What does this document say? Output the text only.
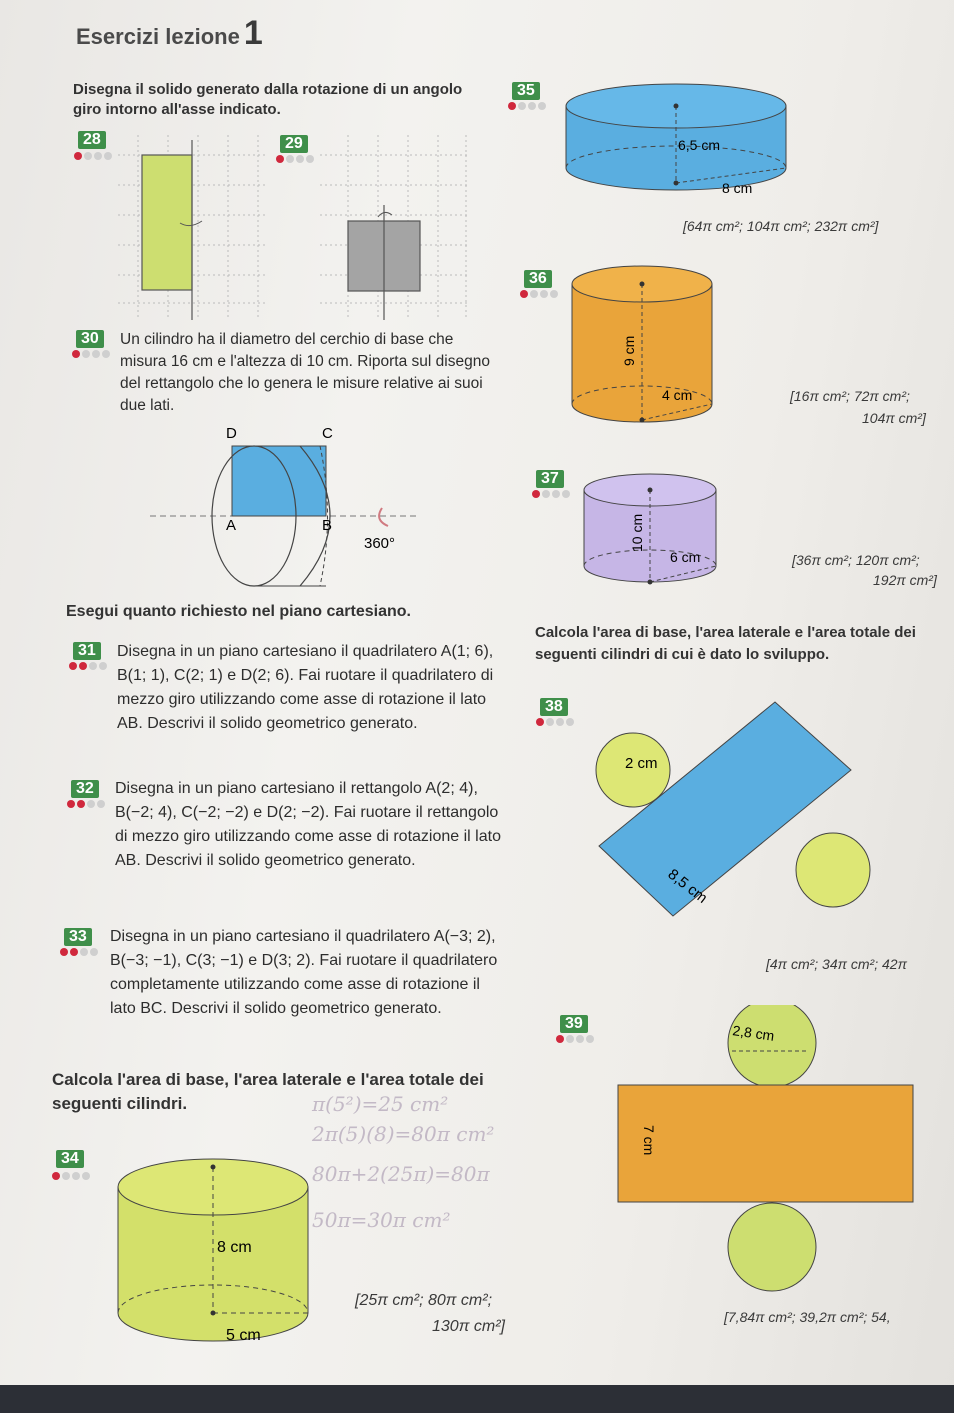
Esercizi lezione 1
Disegna il solido generato dalla rotazione di un angolo giro intorno all'asse indicato.
28	29
30	Un cilindro ha il diametro del cerchio di base che misura 16 cm e l'altezza di 10 cm. Riporta sul disegno del rettangolo che lo genera le misure relative ai suoi due lati.
D	C
A	B
360°
Esegui quanto richiesto nel piano cartesiano.
31	Disegna in un piano cartesiano il quadrilatero A(1; 6), B(1; 1), C(2; 1) e D(2; 6). Fai ruotare il quadrilatero di mezzo giro utilizzando come asse di rotazione il lato AB. Descrivi il solido geometrico generato.
32	Disegna in un piano cartesiano il rettangolo A(2; 4), B(−2; 4), C(−2; −2) e D(2; −2). Fai ruotare il rettangolo di mezzo giro utilizzando come asse di rotazione il lato AB. Descrivi il solido geometrico generato.
33	Disegna in un piano cartesiano il quadrilatero A(−3; 2), B(−3; −1), C(3; −1) e D(3; 2). Fai ruotare il quadrilatero completamente utilizzando come asse di rotazione il lato BC. Descrivi il solido geometrico generato.
Calcola l'area di base, l'area laterale e l'area totale dei seguenti cilindri.	π(5²)=25 cm²
2π(5)(8)=80π cm²
80π+2(25π)=80π
50π=30π cm²
34
8 cm
5 cm
[25π cm²; 80π cm²;
130π cm²]
35
6,5 cm
8 cm
[64π cm²; 104π cm²; 232π cm²]
36
9 cm
4 cm	[16π cm²; 72π cm²;
104π cm²]
37
10 cm
6 cm	[36π cm²; 120π cm²;
192π cm²]
Calcola l'area di base, l'area laterale e l'area totale dei seguenti cilindri di cui è dato lo sviluppo.
38
2 cm
8,5 cm
[4π cm²; 34π cm²; 42π
39
7 cm
2,8 cm
[7,84π cm²; 39,2π cm²; 54,
